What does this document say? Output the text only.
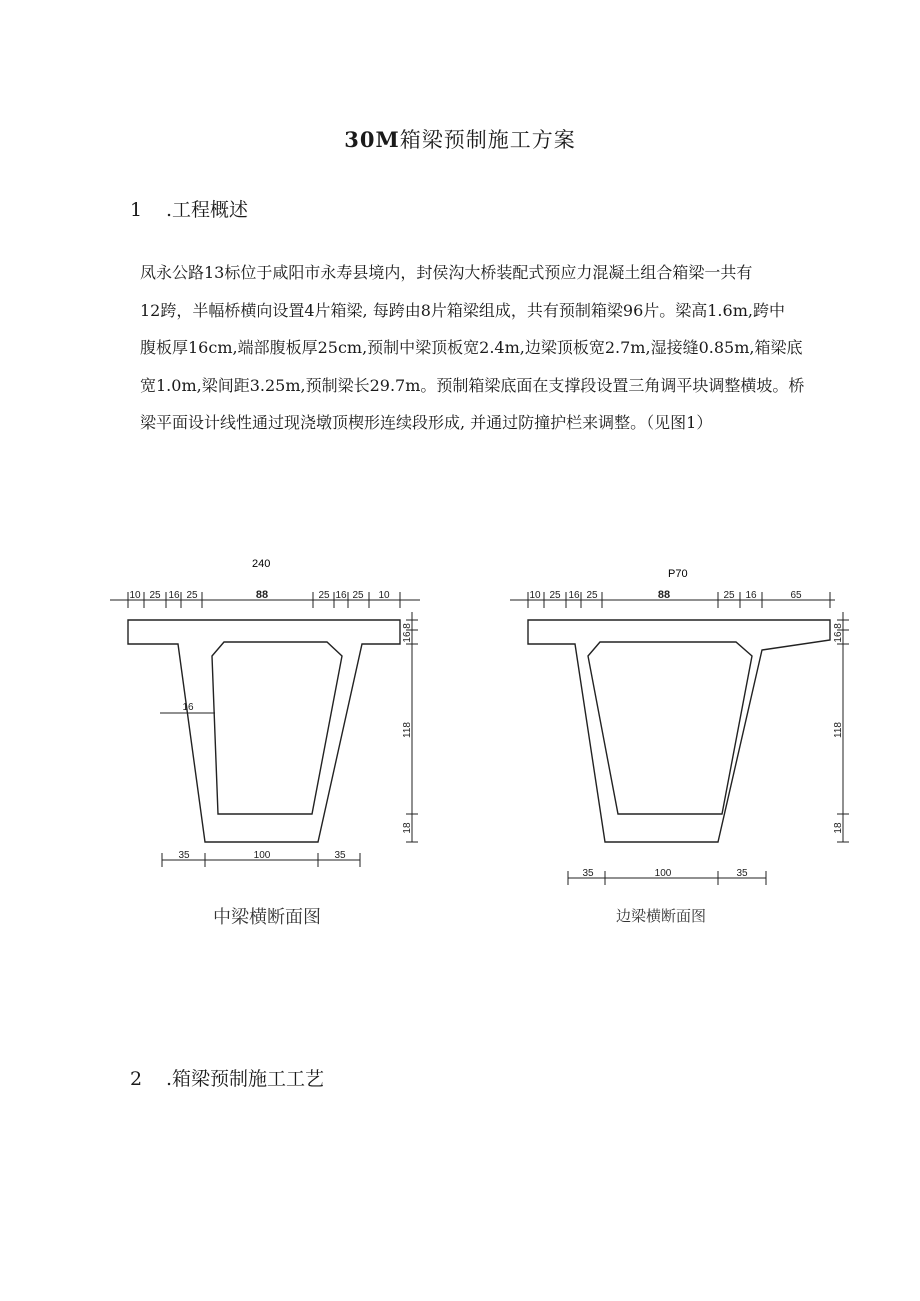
30M箱梁预制施工方案
1 .工程概述
凤永公路13标位于咸阳市永寿县境内，封侯沟大桥装配式预应力混凝土组合箱梁一共有
12跨，半幅桥横向设置4片箱梁, 每跨由8片箱梁组成，共有预制箱梁96片。梁高1.6m,跨中
腹板厚16cm,端部腹板厚25cm,预制中梁顶板宽2.4m,边梁顶板宽2.7m,湿接缝0.85m,箱梁底
宽1.0m,梁间距3.25m,预制梁长29.7m。预制箱梁底面在支撑段设置三角调平块调整横坡。桥
梁平面设计线性通过现浇墩顶楔形连续段形成, 并通过防撞护栏来调整。（见图1）
240
10 25 16 25	88	25 16 25 10
16
35	100	35
8
16
118
18
中梁横断面图
P70
10 25 16 25	88	25 16	65
35	100	35
8
16
118
18
边梁横断面图
2 .箱梁预制施工工艺
